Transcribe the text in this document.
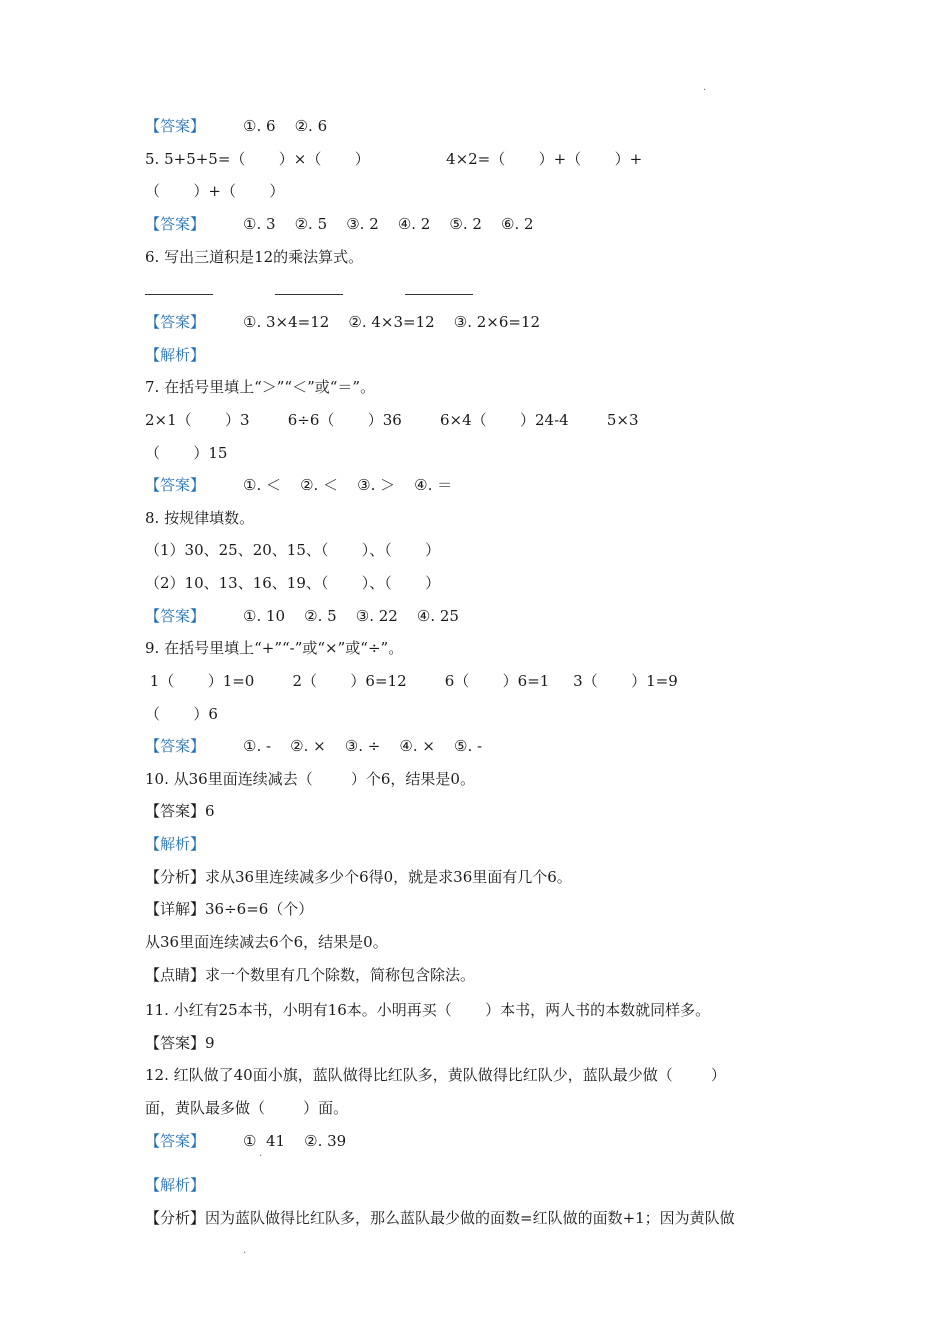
.
【答案】	①. 6    ②. 6
5. 5+5+5=（       ）×（       ）                4×2=（       ）+（       ）+
（       ）+（       ）
【答案】	①. 3    ②. 5    ③. 2    ④. 2    ⑤. 2    ⑥. 2
6. 写出三道积是12的乘法算式。
【答案】	①. 3×4=12    ②. 4×3=12    ③. 2×6=12
【解析】
7. 在括号里填上“＞”“＜”或“＝”。
2×1（       ）3        6÷6（       ）36        6×4（       ）24-4        5×3
（       ）15
【答案】	①. ＜    ②. ＜    ③. ＞    ④. ＝
8. 按规律填数。
（1）30、25、20、15、（       ）、（       ）
（2）10、13、16、19、（       ）、（       ）
【答案】	①. 10    ②. 5    ③. 22    ④. 25
9. 在括号里填上“+”“-”或“×”或“÷”。
1（       ）1=0        2（       ）6=12        6（       ）6=1     3（       ）1=9
（       ）6
【答案】	①. -    ②. ×    ③. ÷    ④. ×    ⑤. -
10. 从36里面连续减去（        ）个6，结果是0。
【答案】6
【解析】
【分析】求从36里连续减多少个6得0，就是求36里面有几个6。
【详解】36÷6=6（个）
从36里面连续减去6个6，结果是0。
【点睛】求一个数里有几个除数，简称包含除法。
11. 小红有25本书，小明有16本。小明再买（       ）本书，两人书的本数就同样多。
【答案】9
12. 红队做了40面小旗，蓝队做得比红队多，黄队做得比红队少，蓝队最少做（        ）
面，黄队最多做（        ）面。
【答案】	①  41    ②. 39
.
【解析】
【分析】因为蓝队做得比红队多，那么蓝队最少做的面数=红队做的面数+1；因为黄队做
.
